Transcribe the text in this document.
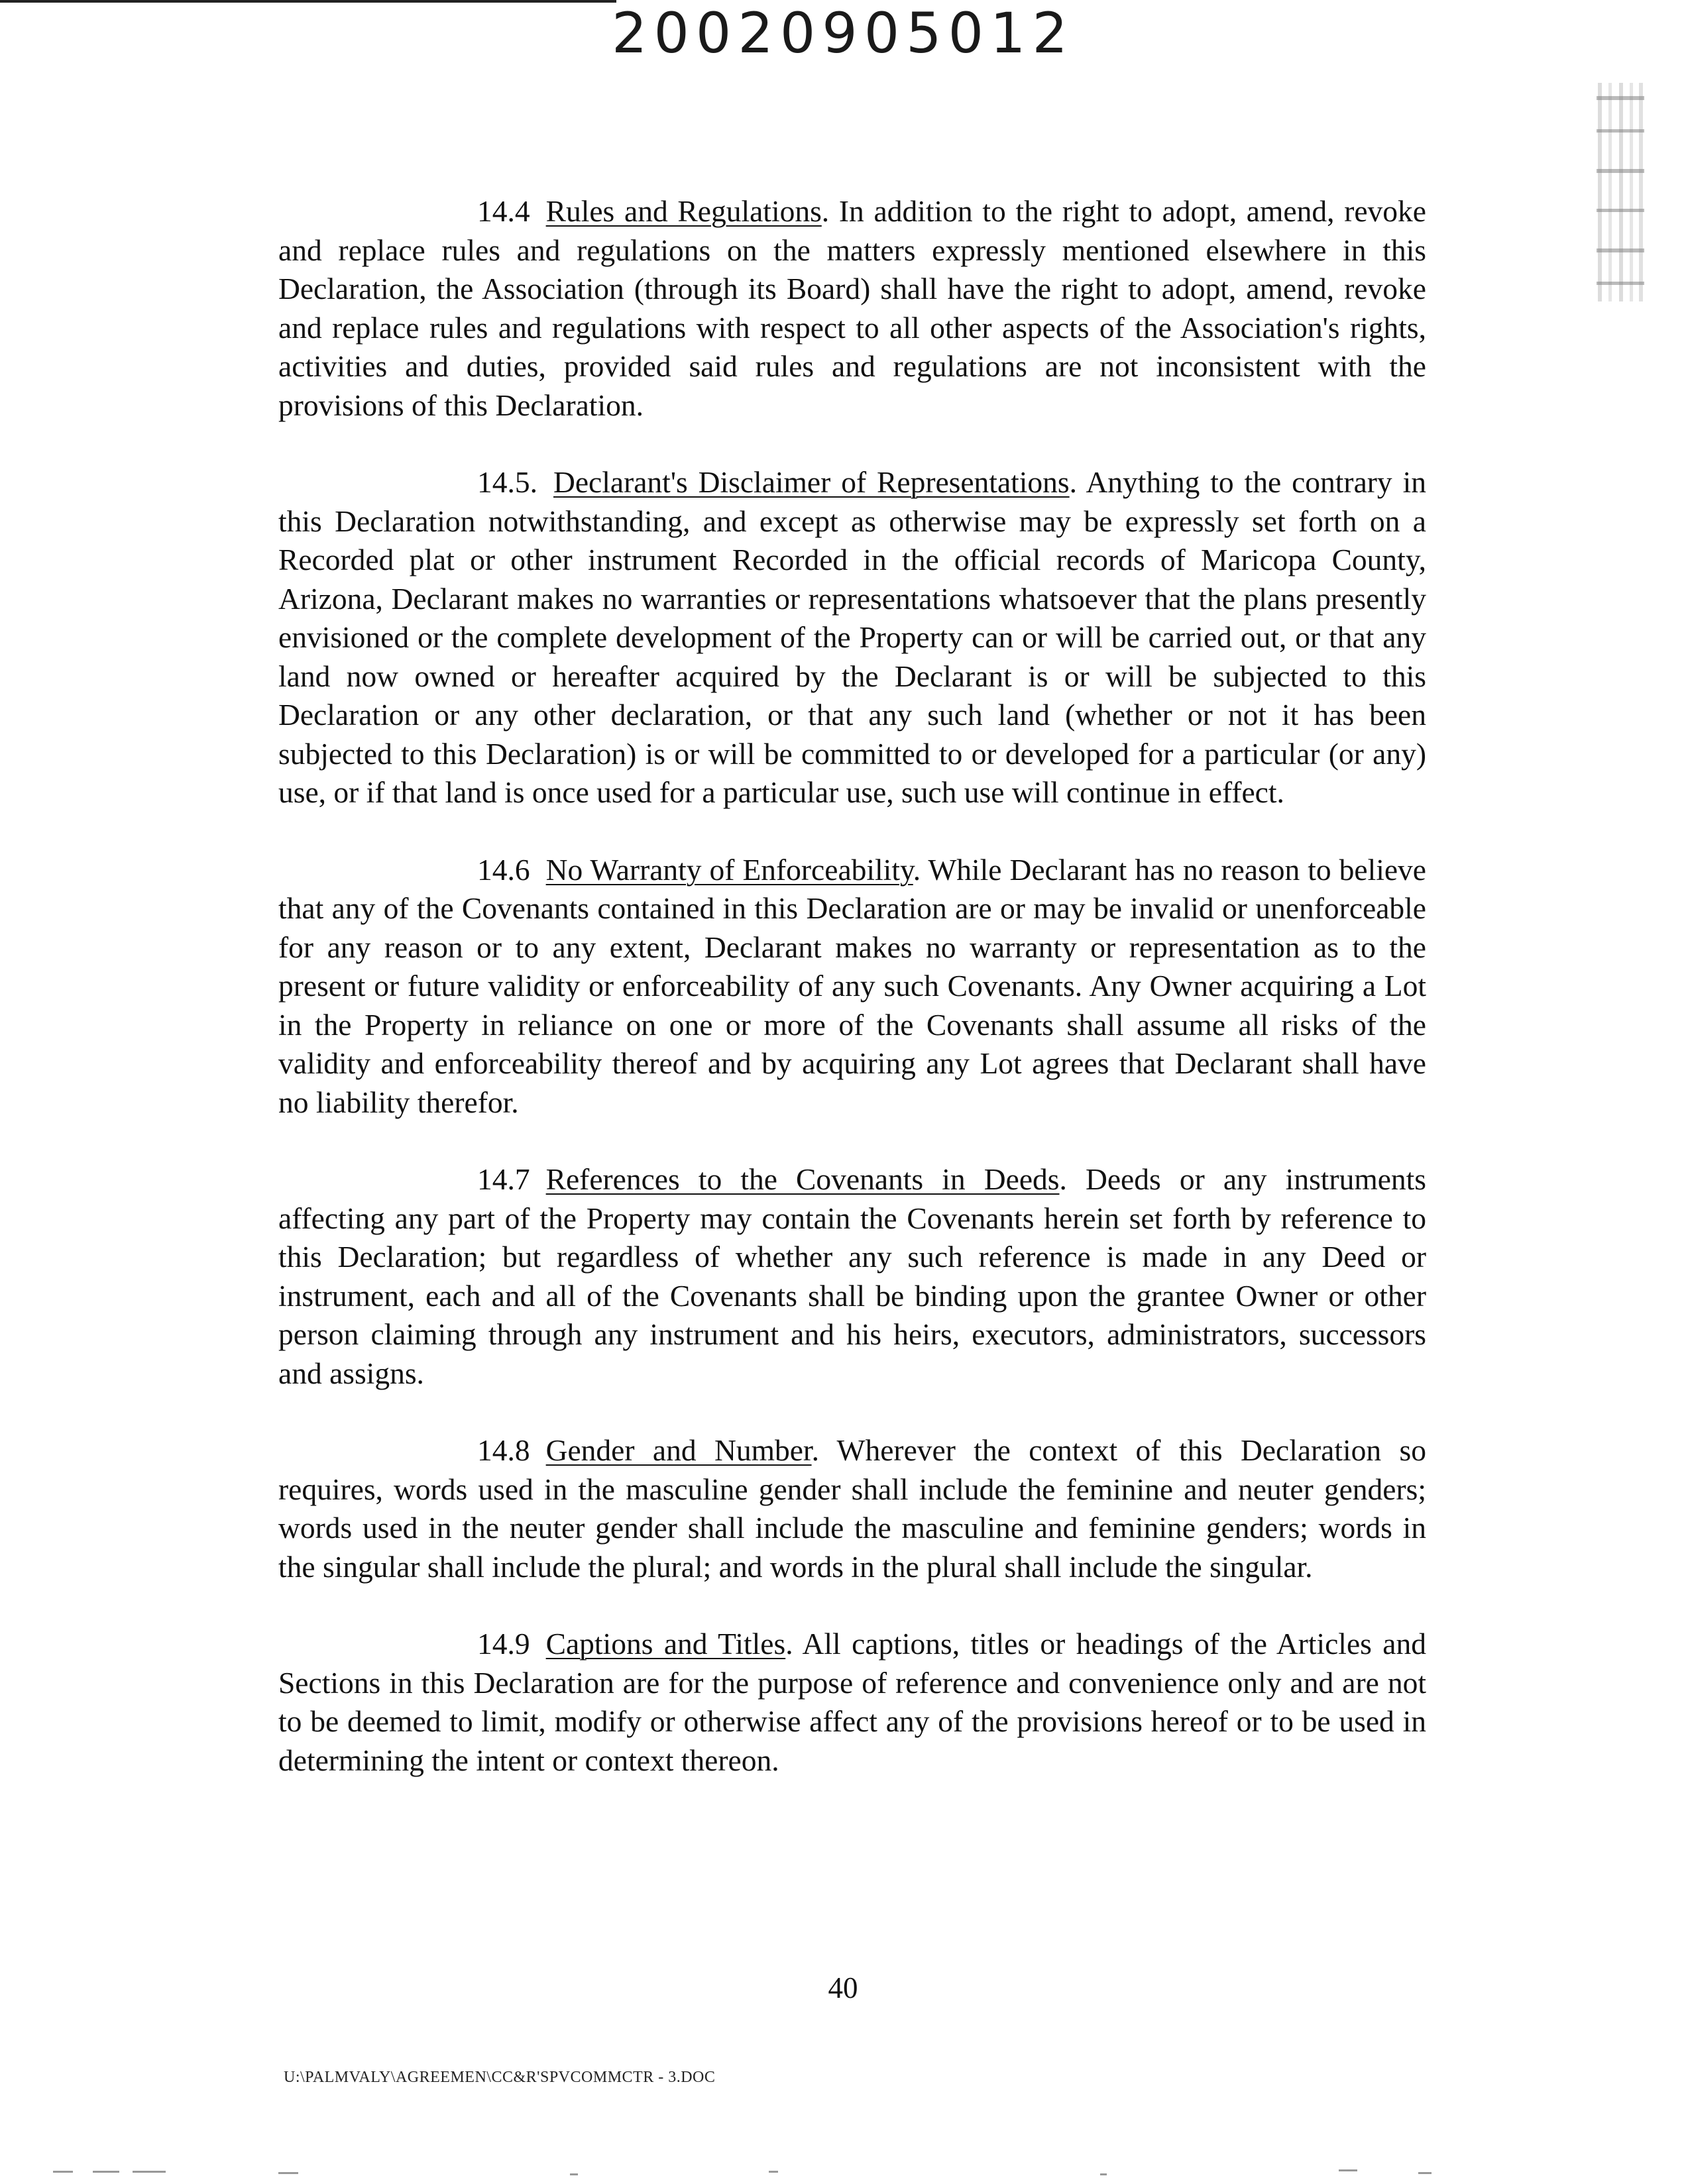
20020905012

14.4 Rules and Regulations. In addition to the right to adopt, amend, revoke and replace rules and regulations on the matters expressly mentioned elsewhere in this Declaration, the Association (through its Board) shall have the right to adopt, amend, revoke and replace rules and regulations with respect to all other aspects of the Association's rights, activities and duties, provided said rules and regulations are not inconsistent with the provisions of this Declaration.

14.5. Declarant's Disclaimer of Representations. Anything to the contrary in this Declaration notwithstanding, and except as otherwise may be expressly set forth on a Recorded plat or other instrument Recorded in the official records of Maricopa County, Arizona, Declarant makes no warranties or representations whatsoever that the plans presently envisioned or the complete development of the Property can or will be carried out, or that any land now owned or hereafter acquired by the Declarant is or will be subjected to this Declaration or any other declaration, or that any such land (whether or not it has been subjected to this Declaration) is or will be committed to or developed for a particular (or any) use, or if that land is once used for a particular use, such use will continue in effect.

14.6 No Warranty of Enforceability. While Declarant has no reason to believe that any of the Covenants contained in this Declaration are or may be invalid or unenforceable for any reason or to any extent, Declarant makes no warranty or representation as to the present or future validity or enforceability of any such Covenants. Any Owner acquiring a Lot in the Property in reliance on one or more of the Covenants shall assume all risks of the validity and enforceability thereof and by acquiring any Lot agrees that Declarant shall have no liability therefor.

14.7 References to the Covenants in Deeds. Deeds or any instruments affecting any part of the Property may contain the Covenants herein set forth by reference to this Declaration; but regardless of whether any such reference is made in any Deed or instrument, each and all of the Covenants shall be binding upon the grantee Owner or other person claiming through any instrument and his heirs, executors, administrators, successors and assigns.

14.8 Gender and Number. Wherever the context of this Declaration so requires, words used in the masculine gender shall include the feminine and neuter genders; words used in the neuter gender shall include the masculine and feminine genders; words in the singular shall include the plural; and words in the plural shall include the singular.

14.9 Captions and Titles. All captions, titles or headings of the Articles and Sections in this Declaration are for the purpose of reference and convenience only and are not to be deemed to limit, modify or otherwise affect any of the provisions hereof or to be used in determining the intent or context thereon.

40
U:\PALMVALY\AGREEMEN\CC&R'SPVCOMMCTR - 3.DOC
